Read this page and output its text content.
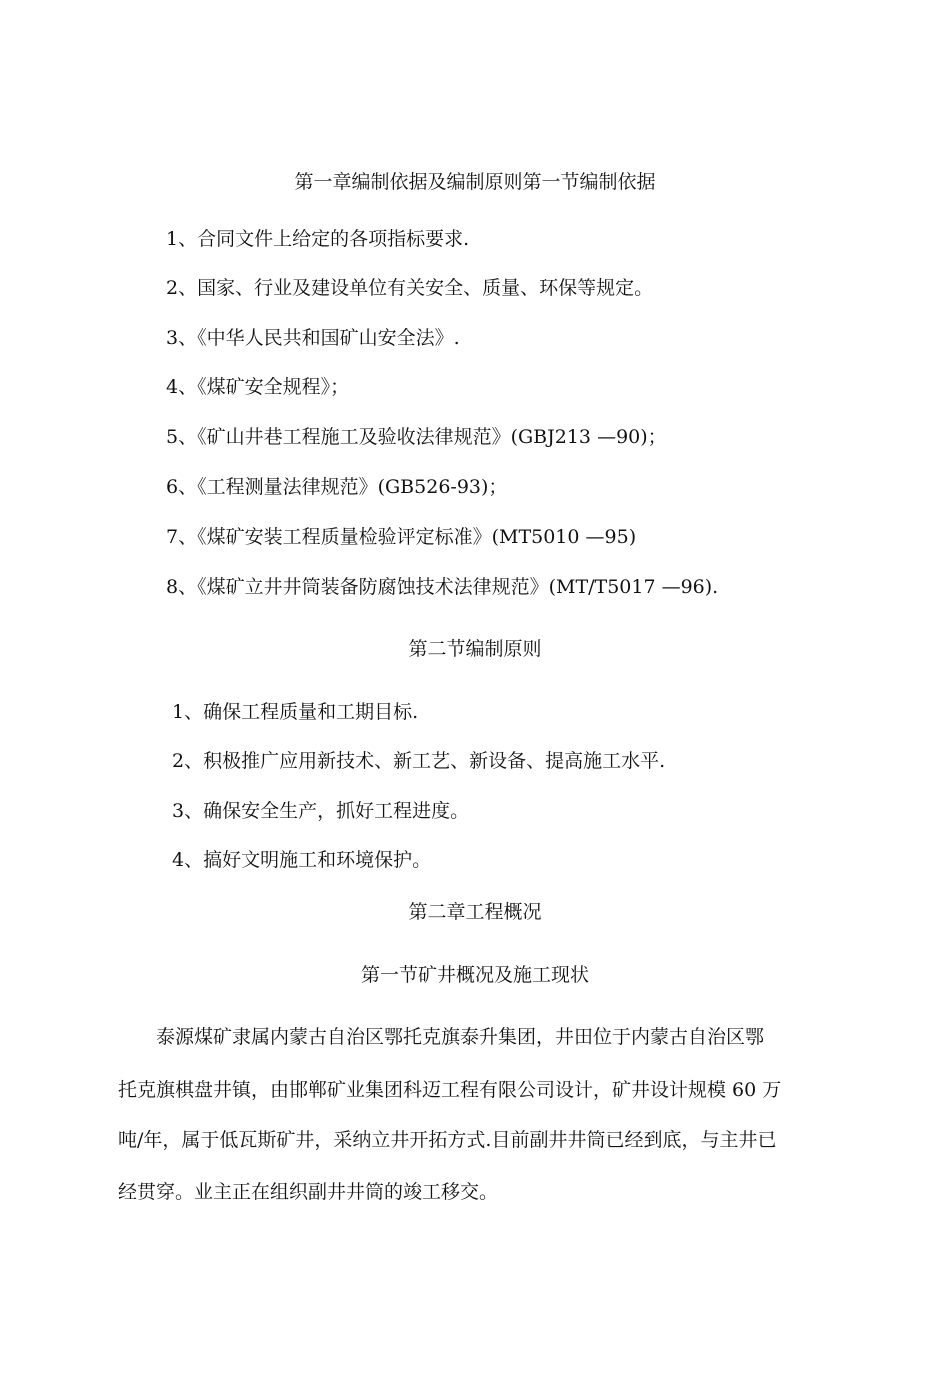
第一章编制依据及编制原则第一节编制依据
1、合同文件上给定的各项指标要求.
2、国家、行业及建设单位有关安全、质量、环保等规定。
3、《中华人民共和国矿山安全法》.
4、《煤矿安全规程》；
5、《矿山井巷工程施工及验收法律规范》(GBJ213 —90)；
6、《工程测量法律规范》(GB526-93)；
7、《煤矿安装工程质量检验评定标准》(MT5010 —95)
8、《煤矿立井井筒装备防腐蚀技术法律规范》(MT/T5017 —96).
第二节编制原则
1、确保工程质量和工期目标.
2、积极推广应用新技术、新工艺、新设备、提高施工水平.
3、确保安全生产，抓好工程进度。
4、搞好文明施工和环境保护。
第二章工程概况
第一节矿井概况及施工现状
　　泰源煤矿隶属内蒙古自治区鄂托克旗泰升集团，井田位于内蒙古自治区鄂
托克旗棋盘井镇，由邯郸矿业集团科迈工程有限公司设计，矿井设计规模 60 万
吨/年，属于低瓦斯矿井，采纳立井开拓方式.目前副井井筒已经到底，与主井已
经贯穿。业主正在组织副井井筒的竣工移交。
